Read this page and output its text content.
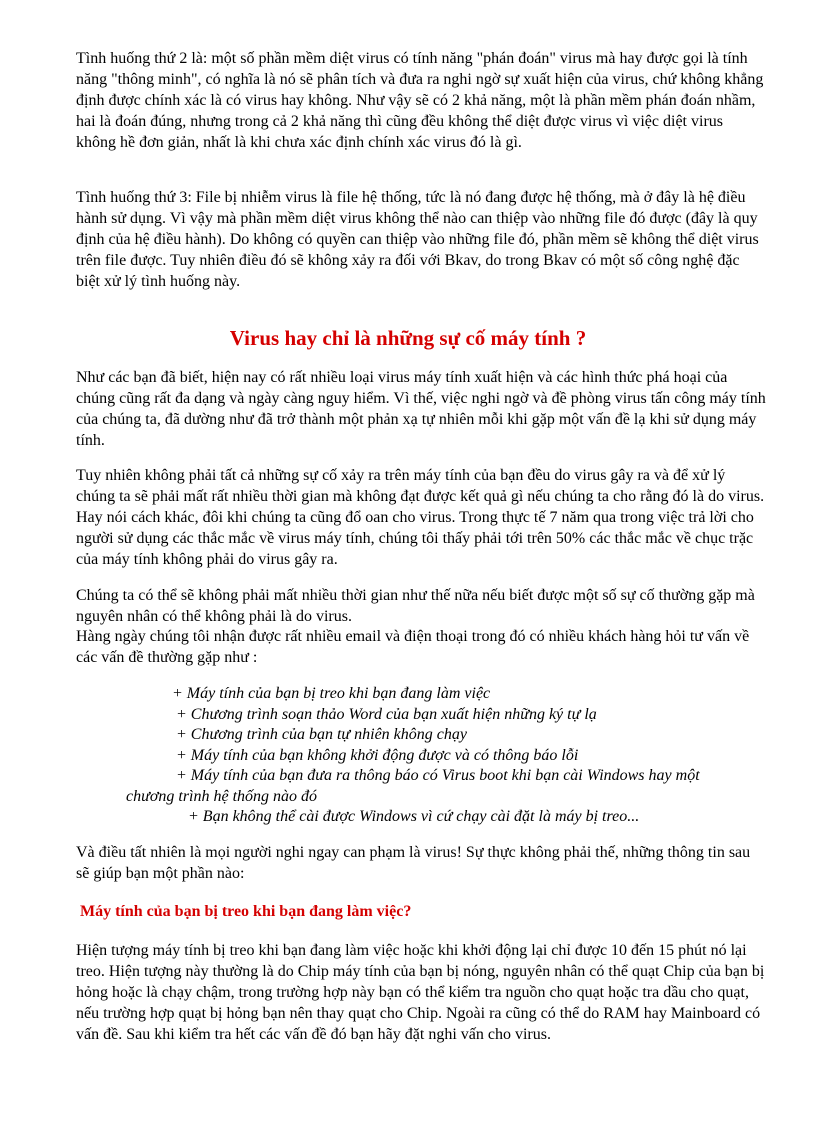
Tình huống thứ 2 là: một số phần mềm diệt virus có tính năng "phán đoán" virus mà hay được gọi là tính năng "thông minh", có nghĩa là nó sẽ phân tích và đưa ra nghi ngờ sự xuất hiện của virus, chứ không khẳng định được chính xác là có virus hay không. Như vậy sẽ có 2 khả năng, một là phần mềm phán đoán nhầm, hai là đoán đúng, nhưng trong cả 2 khả năng thì cũng đều không thể diệt được virus vì việc diệt virus không hề đơn giản, nhất là khi chưa xác định chính xác virus đó là gì.

Tình huống thứ 3: File bị nhiễm virus là file hệ thống, tức là nó đang được hệ thống, mà ở đây là hệ điều hành sử dụng. Vì vậy mà phần mềm diệt virus không thể nào can thiệp vào những file đó được (đây là quy định của hệ điều hành). Do không có quyền can thiệp vào những file đó, phần mềm sẽ không thể diệt virus trên file được. Tuy nhiên điều đó sẽ không xảy ra đối với Bkav, do trong Bkav có một số công nghệ đặc biệt xử lý tình huống này.

Virus hay chỉ là những sự cố máy tính ?

Như các bạn đã biết, hiện nay có rất nhiều loại virus máy tính xuất hiện và các hình thức phá hoại của chúng cũng rất đa dạng và ngày càng nguy hiểm. Vì thế, việc nghi ngờ và đề phòng virus tấn công máy tính của chúng ta, đã dường như đã trở thành một phản xạ tự nhiên mỗi khi gặp một vấn đề lạ khi sử dụng máy tính.

Tuy nhiên không phải tất cả những sự cố xảy ra trên máy tính của bạn đều do virus gây ra và để xử lý chúng ta sẽ phải mất rất nhiều thời gian mà không đạt được kết quả gì nếu chúng ta cho rằng đó là do virus. Hay nói cách khác, đôi khi chúng ta cũng đổ oan cho virus. Trong thực tế 7 năm qua trong việc trả lời cho người sử dụng các thắc mắc về virus máy tính, chúng tôi thấy phải tới trên 50% các thắc mắc về chục trặc của máy tính không phải do virus gây ra.

Chúng ta có thể sẽ không phải mất nhiều thời gian như thế nữa nếu biết được một số sự cố thường gặp mà nguyên nhân có thể không phải là do virus.

Hàng ngày chúng tôi nhận được rất nhiều email và điện thoại trong đó có nhiều khách hàng hỏi tư vấn về các vấn đề thường gặp như :

+ Máy tính của bạn bị treo khi bạn đang làm việc
+ Chương trình soạn thảo Word của bạn xuất hiện những ký tự lạ
+ Chương trình của bạn tự nhiên không chạy
+ Máy tính của bạn không khởi động được và có thông báo lỗi
+ Máy tính của bạn đưa ra thông báo có Virus boot khi bạn cài Windows hay một
chương trình hệ thống nào đó
+ Bạn không thể cài được Windows vì cứ chạy cài đặt là máy bị treo...

Và điều tất nhiên là mọi người nghi ngay can phạm là virus! Sự thực không phải thế, những thông tin sau sẽ giúp bạn một phần nào:

Máy tính của bạn bị treo khi bạn đang làm việc?

Hiện tượng máy tính bị treo khi bạn đang làm việc hoặc khi khởi động lại chỉ được 10 đến 15 phút nó lại treo. Hiện tượng này thường là do Chip máy tính của bạn bị nóng, nguyên nhân có thể quạt Chip của bạn bị hỏng hoặc là chạy chậm, trong trường hợp này bạn có thể kiểm tra nguồn cho quạt hoặc tra dầu cho quạt, nếu trường hợp quạt bị hỏng bạn nên thay quạt cho Chip. Ngoài ra cũng có thể do RAM hay Mainboard có vấn đề. Sau khi kiểm tra hết các vấn đề đó bạn hãy đặt nghi vấn cho virus.
